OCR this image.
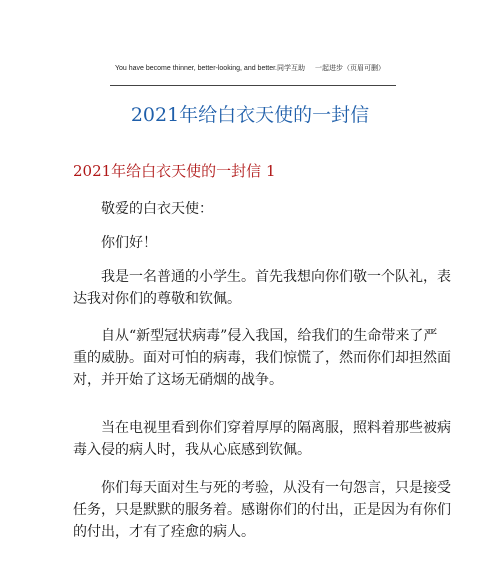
You have become thinner, better-looking, and better.同学互助 一起进步（页眉可删）
2021年给白衣天使的一封信
2021年给白衣天使的一封信 1
敬爱的白衣天使：
你们好！
我是一名普通的小学生。首先我想向你们敬一个队礼，表
达我对你们的尊敬和钦佩。
自从“新型冠状病毒”侵入我国，给我们的生命带来了严
重的威胁。面对可怕的病毒，我们惊慌了，然而你们却担然面
对，并开始了这场无硝烟的战争。
当在电视里看到你们穿着厚厚的隔离服，照料着那些被病
毒入侵的病人时，我从心底感到钦佩。
你们每天面对生与死的考验，从没有一句怨言，只是接受
任务，只是默默的服务着。感谢你们的付出，正是因为有你们
的付出，才有了痊愈的病人。
